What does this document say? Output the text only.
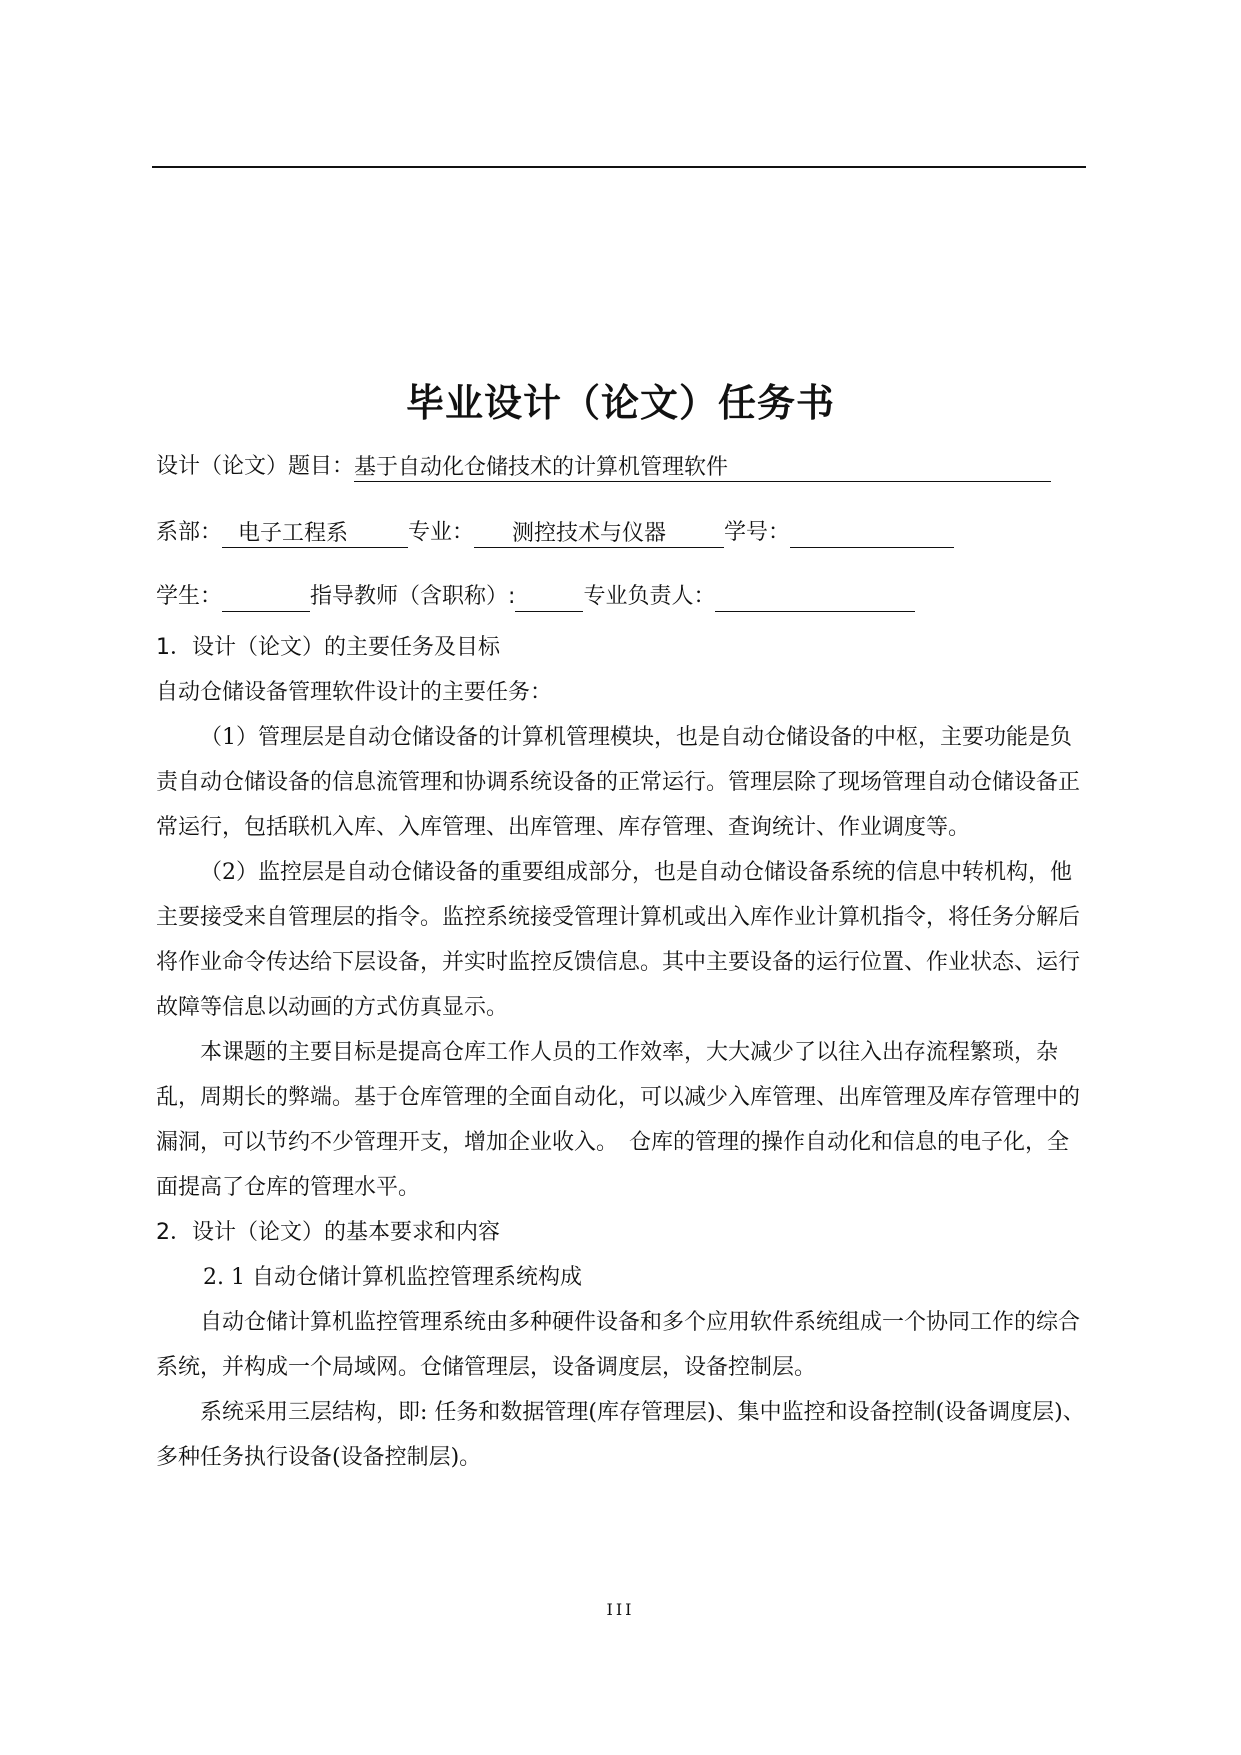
毕业设计（论文）任务书
设计（论文）题目：基于自动化仓储技术的计算机管理软件
系部： 电子工程系	专业： 测控技术与仪器	学号：
学生：	指导教师（含职称）:	专业负责人：

1．设计（论文）的主要任务及目标

自动仓储设备管理软件设计的主要任务：

（1）管理层是自动仓储设备的计算机管理模块，也是自动仓储设备的中枢，主要功能是负责自动仓储设备的信息流管理和协调系统设备的正常运行。管理层除了现场管理自动仓储设备正常运行，包括联机入库、入库管理、出库管理、库存管理、查询统计、作业调度等。

（2）监控层是自动仓储设备的重要组成部分，也是自动仓储设备系统的信息中转机构，他主要接受来自管理层的指令。监控系统接受管理计算机或出入库作业计算机指令，将任务分解后将作业命令传达给下层设备，并实时监控反馈信息。其中主要设备的运行位置、作业状态、运行故障等信息以动画的方式仿真显示。

本课题的主要目标是提高仓库工作人员的工作效率，大大减少了以往入出存流程繁琐，杂乱，周期长的弊端。基于仓库管理的全面自动化，可以减少入库管理、出库管理及库存管理中的漏洞，可以节约不少管理开支，增加企业收入。　仓库的管理的操作自动化和信息的电子化，全面提高了仓库的管理水平。

2．设计（论文）的基本要求和内容

2. 1 自动仓储计算机监控管理系统构成

自动仓储计算机监控管理系统由多种硬件设备和多个应用软件系统组成一个协同工作的综合系统，并构成一个局域网。仓储管理层，设备调度层，设备控制层。

系统采用三层结构，即: 任务和数据管理(库存管理层)、集中监控和设备控制(设备调度层)、多种任务执行设备(设备控制层)。

III
